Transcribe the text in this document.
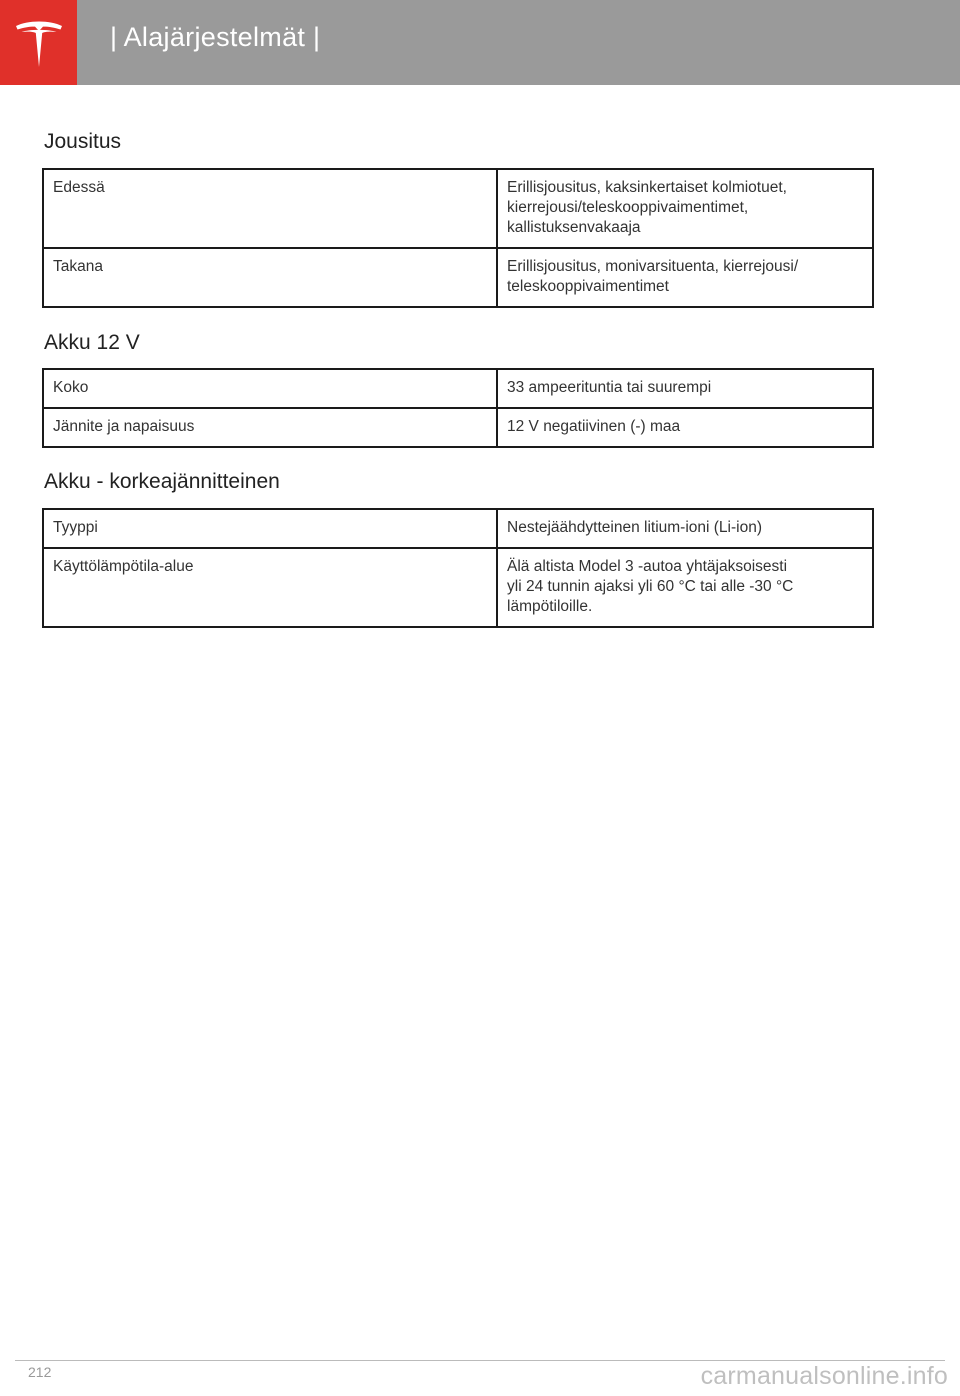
| Alajärjestelmät |
Jousitus
Edessä	Erillisjousitus, kaksinkertaiset kolmiotuet,
kierrejousi/teleskooppivaimentimet,
kallistuksenvakaaja

Takana	Erillisjousitus, monivarsituenta, kierrejousi/
teleskooppivaimentimet
Akku 12 V
Koko	33 ampeerituntia tai suurempi

Jännite ja napaisuus	12 V negatiivinen (-) maa
Akku - korkeajännitteinen
Tyyppi	Nestejäähdytteinen litium-ioni (Li-ion)

Käyttölämpötila-alue	Älä altista Model 3 -autoa yhtäjaksoisesti
yli 24 tunnin ajaksi yli 60 °C tai alle -30 °C
lämpötiloille.
212	carmanualsonline.info
